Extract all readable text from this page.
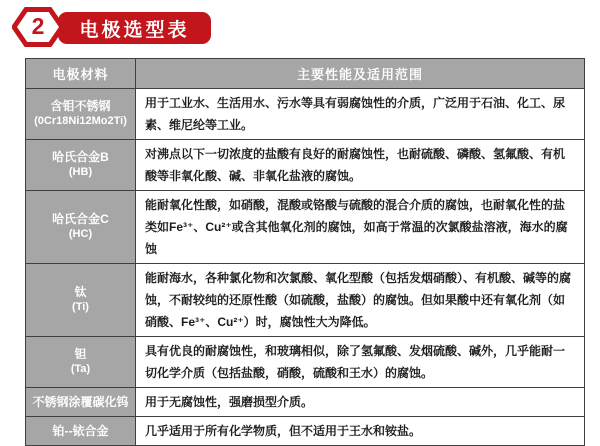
2	电极选型表
电极材料	主要性能及适用范围
含钼不锈钢
(0Cr18Ni12Mo2Ti)	用于工业水、生活用水、污水等具有弱腐蚀性的介质，广泛用于石油、化工、尿素、维尼纶等工业。
哈氏合金B
(HB)	对沸点以下一切浓度的盐酸有良好的耐腐蚀性，也耐硫酸、磷酸、氢氟酸、有机酸等非氧化酸、碱、非氧化盐液的腐蚀。
哈氏合金C
(HC)	能耐氧化性酸，如硝酸，混酸或铬酸与硫酸的混合介质的腐蚀，也耐氧化性的盐类如Fe³⁺、Cu²⁺或含其他氧化剂的腐蚀，如高于常温的次氯酸盐溶液，海水的腐蚀
钛
(Ti)	能耐海水，各种氯化物和次氯酸、氧化型酸（包括发烟硝酸）、有机酸、碱等的腐蚀，不耐较纯的还原性酸（如硫酸，盐酸）的腐蚀。但如果酸中还有氧化剂（如硝酸、Fe³⁺、Cu²⁺）时，腐蚀性大为降低。
钽
(Ta)	具有优良的耐腐蚀性，和玻璃相似，除了氢氟酸、发烟硫酸、碱外，几乎能耐一切化学介质（包括盐酸，硝酸，硫酸和王水）的腐蚀。
不锈钢涂覆碳化钨	用于无腐蚀性，强磨损型介质。
铂--铱合金	几乎适用于所有化学物质，但不适用于王水和铵盐。
